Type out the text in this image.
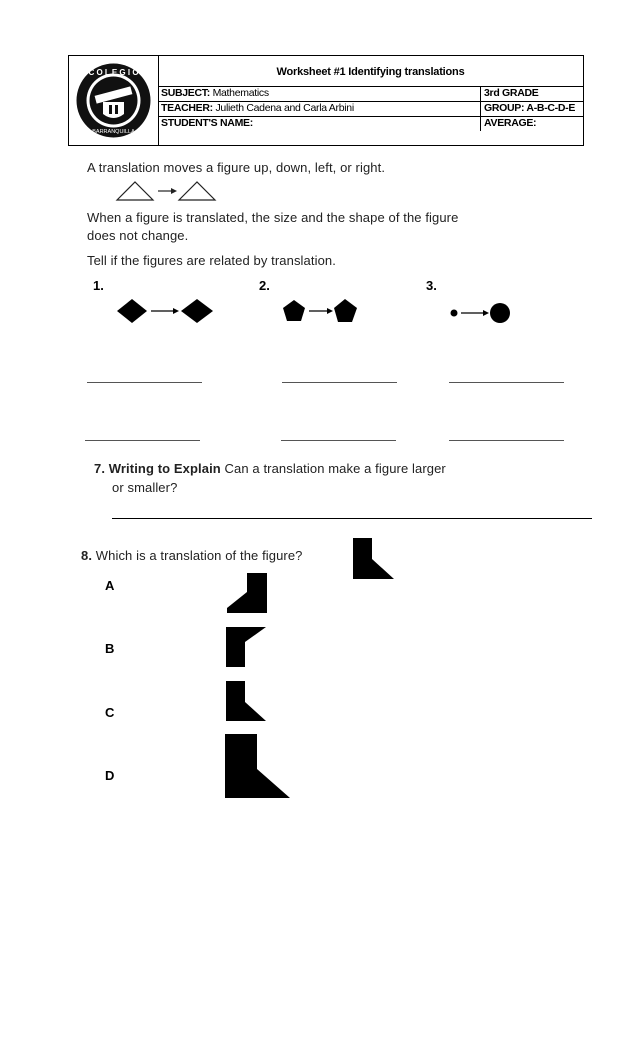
C O L E G I O
BARRANQUILLA
Worksheet #1 Identifying translations
SUBJECT: Mathematics	3rd GRADE
TEACHER: Julieth Cadena and Carla Arbini	GROUP: A-B-C-D-E
STUDENT'S NAME:	AVERAGE:
A translation moves a figure up, down, left, or right.
When a figure is translated, the size and the shape of the figure
does not change.
Tell if the figures are related by translation.
1.	2.	3.
7. Writing to Explain Can a translation make a figure larger
or smaller?
8. Which is a translation of the figure?
A
B
C
D
